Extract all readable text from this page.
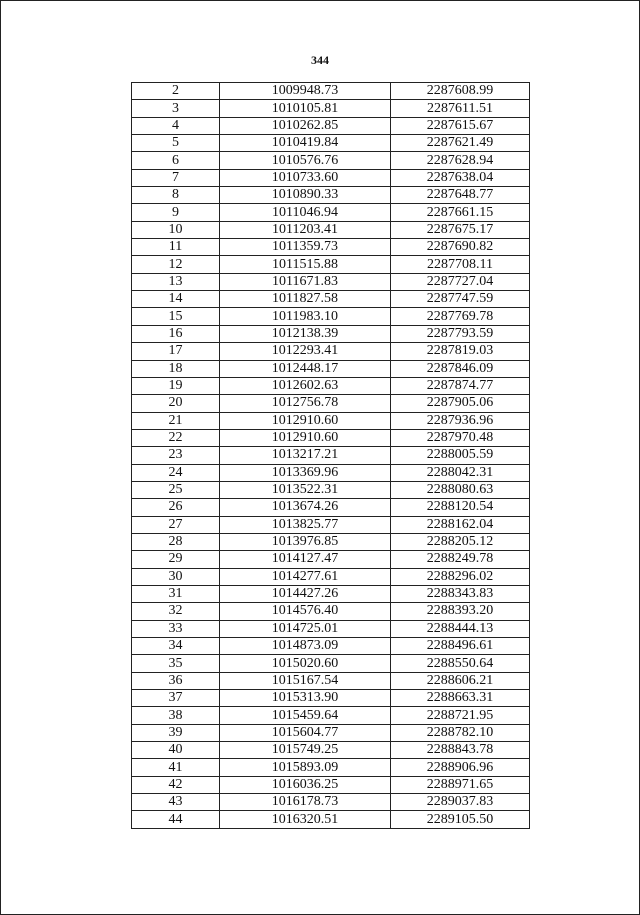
344
2	1009948.73	2287608.99
3	1010105.81	2287611.51
4	1010262.85	2287615.67
5	1010419.84	2287621.49
6	1010576.76	2287628.94
7	1010733.60	2287638.04
8	1010890.33	2287648.77
9	1011046.94	2287661.15
10	1011203.41	2287675.17
11	1011359.73	2287690.82
12	1011515.88	2287708.11
13	1011671.83	2287727.04
14	1011827.58	2287747.59
15	1011983.10	2287769.78
16	1012138.39	2287793.59
17	1012293.41	2287819.03
18	1012448.17	2287846.09
19	1012602.63	2287874.77
20	1012756.78	2287905.06
21	1012910.60	2287936.96
22	1012910.60	2287970.48
23	1013217.21	2288005.59
24	1013369.96	2288042.31
25	1013522.31	2288080.63
26	1013674.26	2288120.54
27	1013825.77	2288162.04
28	1013976.85	2288205.12
29	1014127.47	2288249.78
30	1014277.61	2288296.02
31	1014427.26	2288343.83
32	1014576.40	2288393.20
33	1014725.01	2288444.13
34	1014873.09	2288496.61
35	1015020.60	2288550.64
36	1015167.54	2288606.21
37	1015313.90	2288663.31
38	1015459.64	2288721.95
39	1015604.77	2288782.10
40	1015749.25	2288843.78
41	1015893.09	2288906.96
42	1016036.25	2288971.65
43	1016178.73	2289037.83
44	1016320.51	2289105.50
